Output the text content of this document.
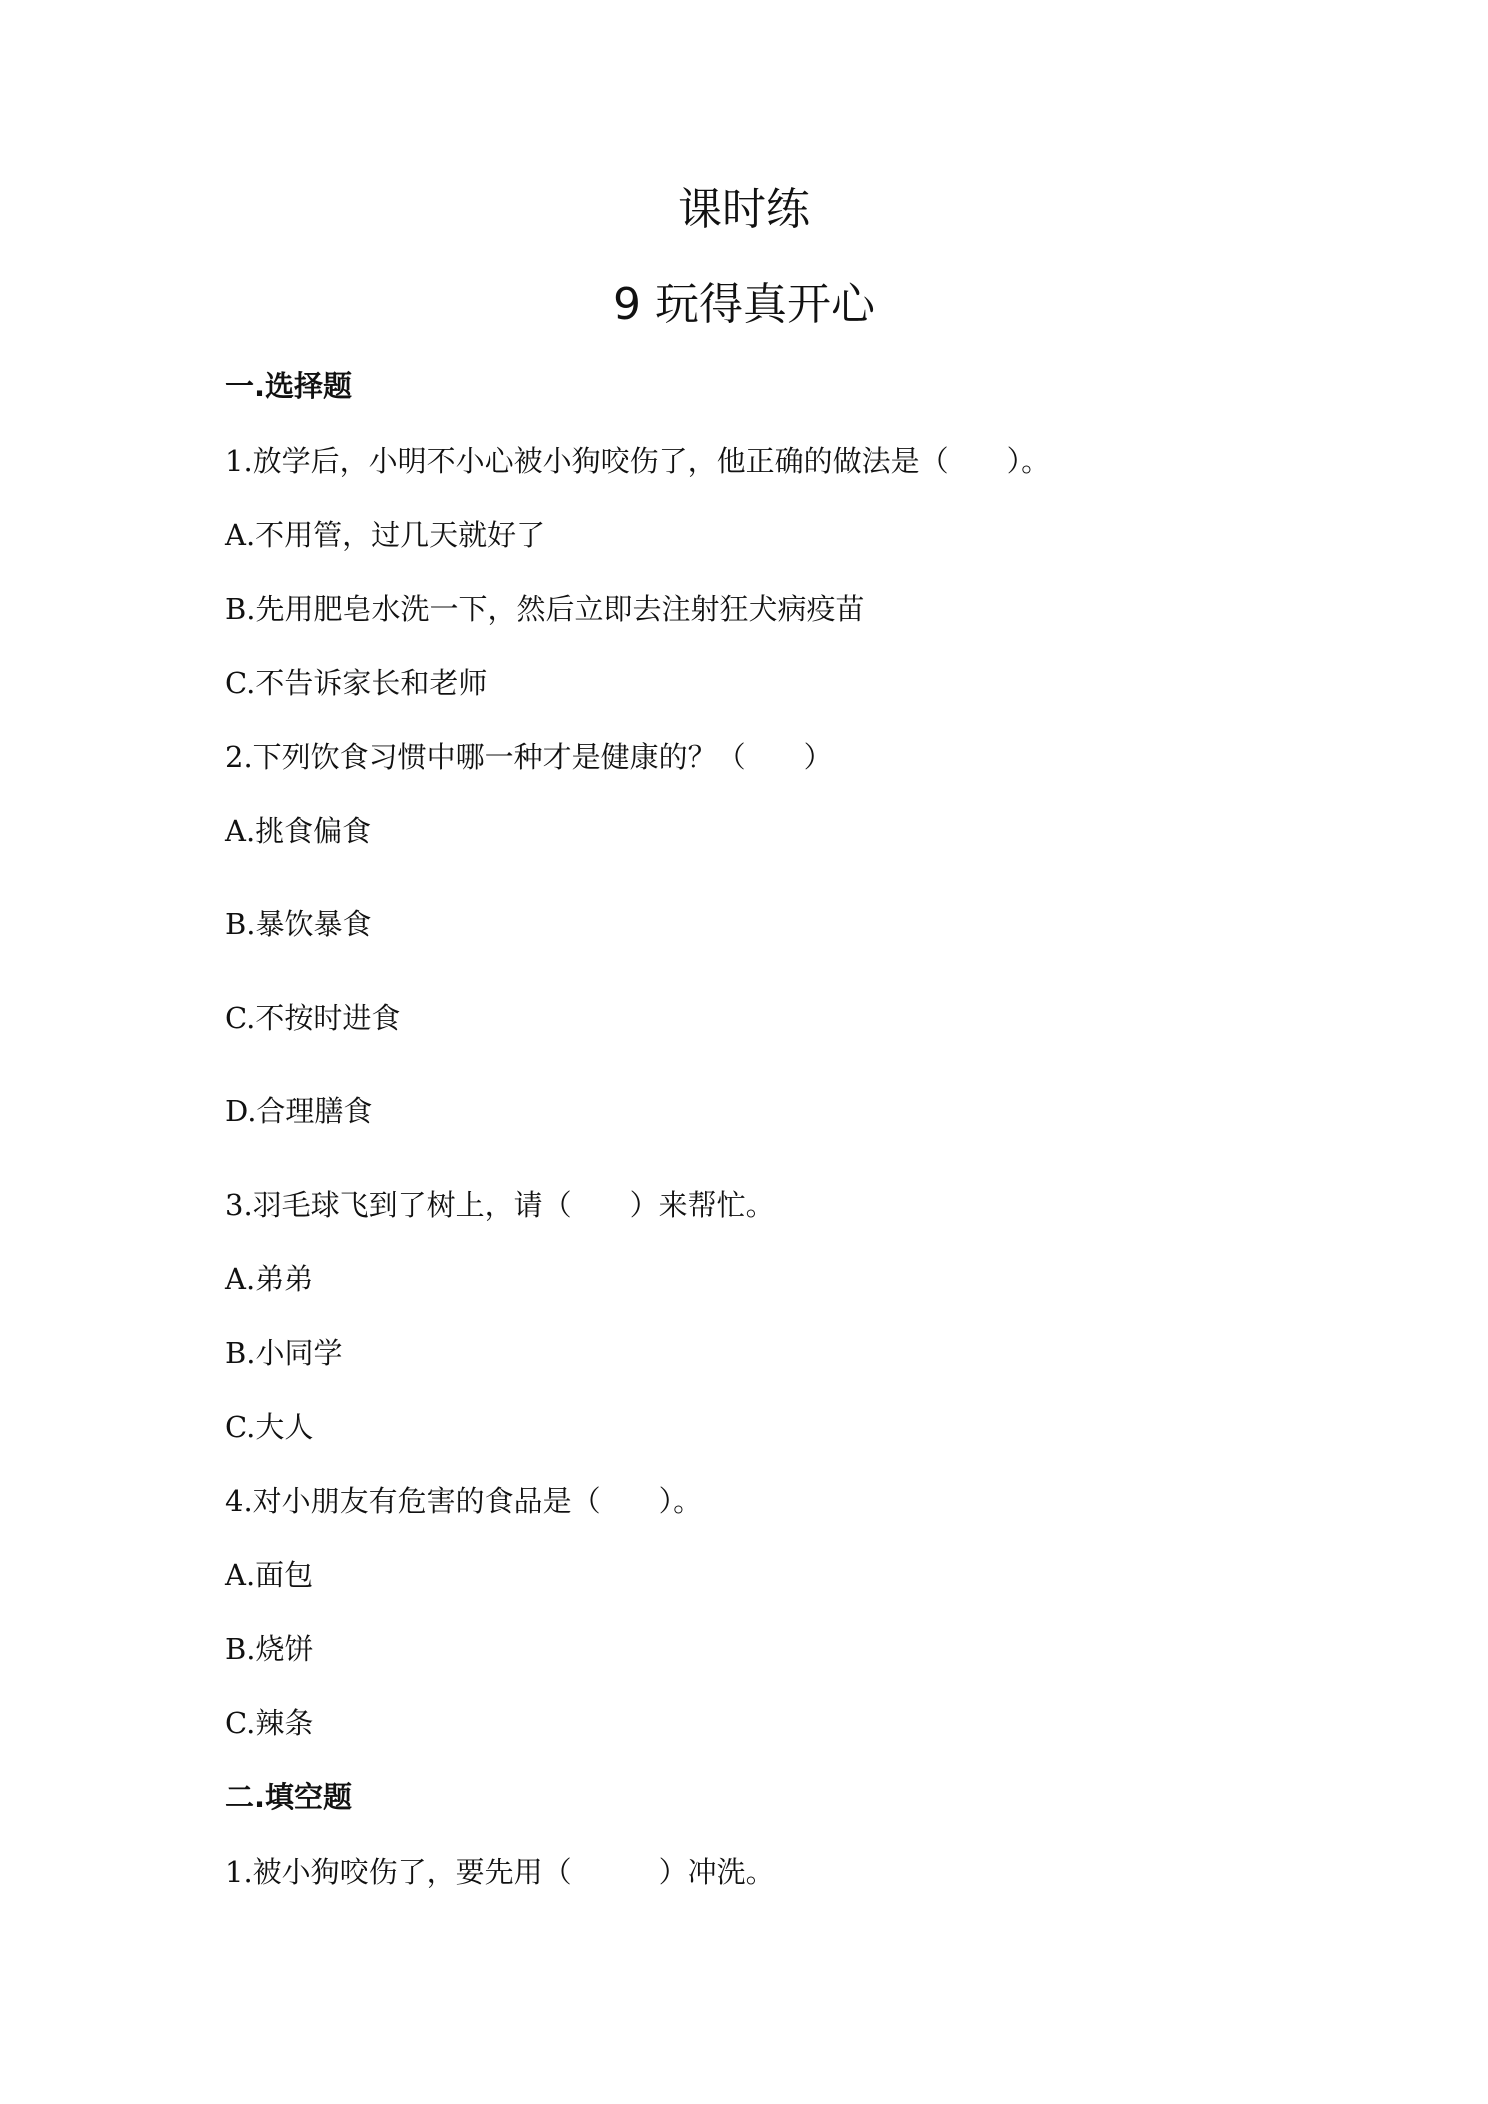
课时练
9 玩得真开心
一.选择题
1.放学后，小明不小心被小狗咬伤了，他正确的做法是（　　）。
A.不用管，过几天就好了
B.先用肥皂水洗一下，然后立即去注射狂犬病疫苗
C.不告诉家长和老师
2.下列饮食习惯中哪一种才是健康的？（　　）
A.挑食偏食
B.暴饮暴食
C.不按时进食
D.合理膳食
3.羽毛球飞到了树上，请（　　）来帮忙。
A.弟弟
B.小同学
C.大人
4.对小朋友有危害的食品是（　　）。
A.面包
B.烧饼
C.辣条
二.填空题
1.被小狗咬伤了，要先用（　　　）冲洗。
